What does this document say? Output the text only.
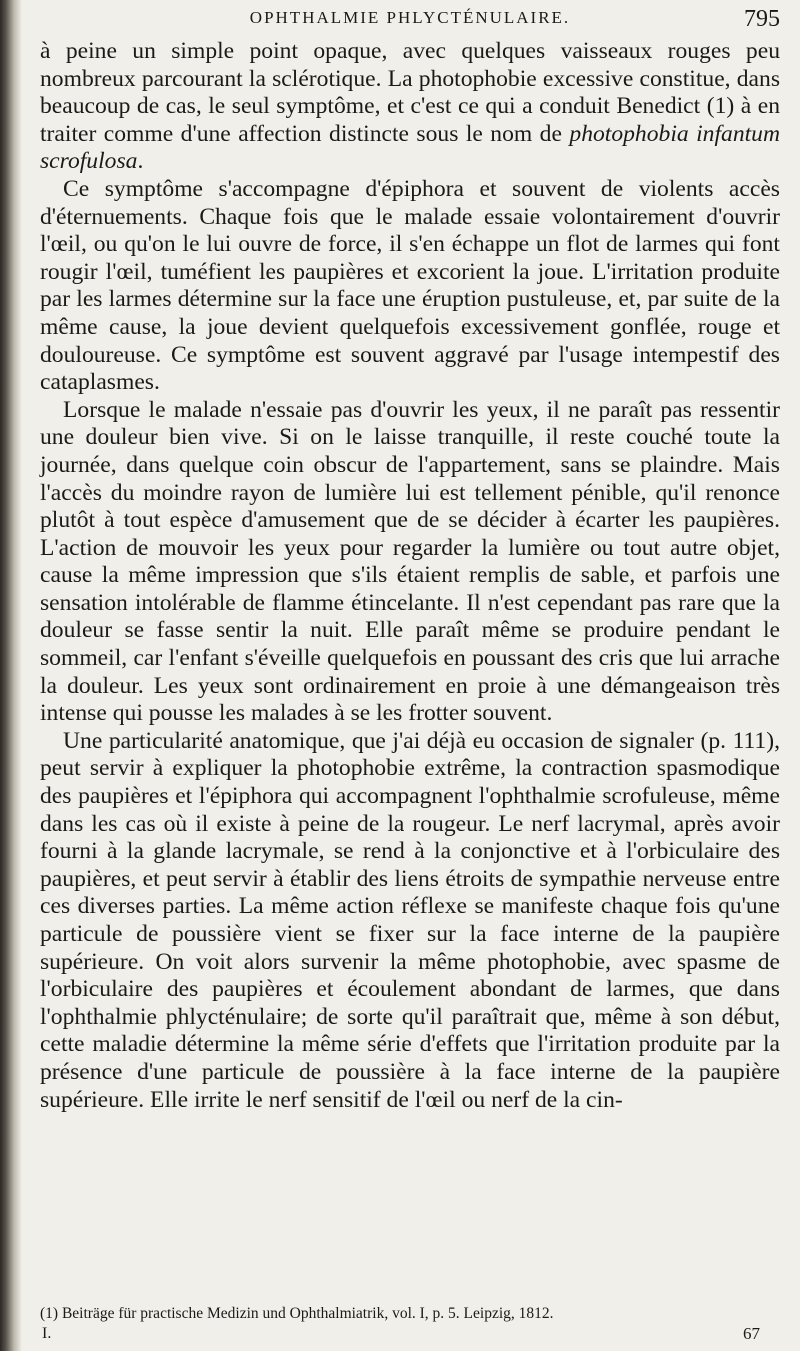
OPHTHALMIE PHLYCTÉNULAIRE.	795

à peine un simple point opaque, avec quelques vaisseaux rouges peu nombreux parcourant la sclérotique. La photophobie excessive constitue, dans beaucoup de cas, le seul symptôme, et c'est ce qui a conduit Benedict (1) à en traiter comme d'une affection distincte sous le nom de photophobia infantum scrofulosa.

Ce symptôme s'accompagne d'épiphora et souvent de violents accès d'éternuements. Chaque fois que le malade essaie volontairement d'ouvrir l'œil, ou qu'on le lui ouvre de force, il s'en échappe un flot de larmes qui font rougir l'œil, tuméfient les paupières et excorient la joue. L'irritation produite par les larmes détermine sur la face une éruption pustuleuse, et, par suite de la même cause, la joue devient quelquefois excessivement gonflée, rouge et douloureuse. Ce symptôme est souvent aggravé par l'usage intempestif des cataplasmes.

Lorsque le malade n'essaie pas d'ouvrir les yeux, il ne paraît pas ressentir une douleur bien vive. Si on le laisse tranquille, il reste couché toute la journée, dans quelque coin obscur de l'appartement, sans se plaindre. Mais l'accès du moindre rayon de lumière lui est tellement pénible, qu'il renonce plutôt à tout espèce d'amusement que de se décider à écarter les paupières. L'action de mouvoir les yeux pour regarder la lumière ou tout autre objet, cause la même impression que s'ils étaient remplis de sable, et parfois une sensation intolérable de flamme étincelante. Il n'est cependant pas rare que la douleur se fasse sentir la nuit. Elle paraît même se produire pendant le sommeil, car l'enfant s'éveille quelquefois en poussant des cris que lui arrache la douleur. Les yeux sont ordinairement en proie à une démangeaison très intense qui pousse les malades à se les frotter souvent.

Une particularité anatomique, que j'ai déjà eu occasion de signaler (p. 111), peut servir à expliquer la photophobie extrême, la contraction spasmodique des paupières et l'épiphora qui accompagnent l'ophthalmie scrofuleuse, même dans les cas où il existe à peine de la rougeur. Le nerf lacrymal, après avoir fourni à la glande lacrymale, se rend à la conjonctive et à l'orbiculaire des paupières, et peut servir à établir des liens étroits de sympathie nerveuse entre ces diverses parties. La même action réflexe se manifeste chaque fois qu'une particule de poussière vient se fixer sur la face interne de la paupière supérieure. On voit alors survenir la même photophobie, avec spasme de l'orbiculaire des paupières et écoulement abondant de larmes, que dans l'ophthalmie phlycténulaire; de sorte qu'il paraîtrait que, même à son début, cette maladie détermine la même série d'effets que l'irritation produite par la présence d'une particule de poussière à la face interne de la paupière supérieure. Elle irrite le nerf sensitif de l'œil ou nerf de la cin-

(1) Beiträge für practische Medizin und Ophthalmiatrik, vol. I, p. 5. Leipzig, 1812.
I.	67
